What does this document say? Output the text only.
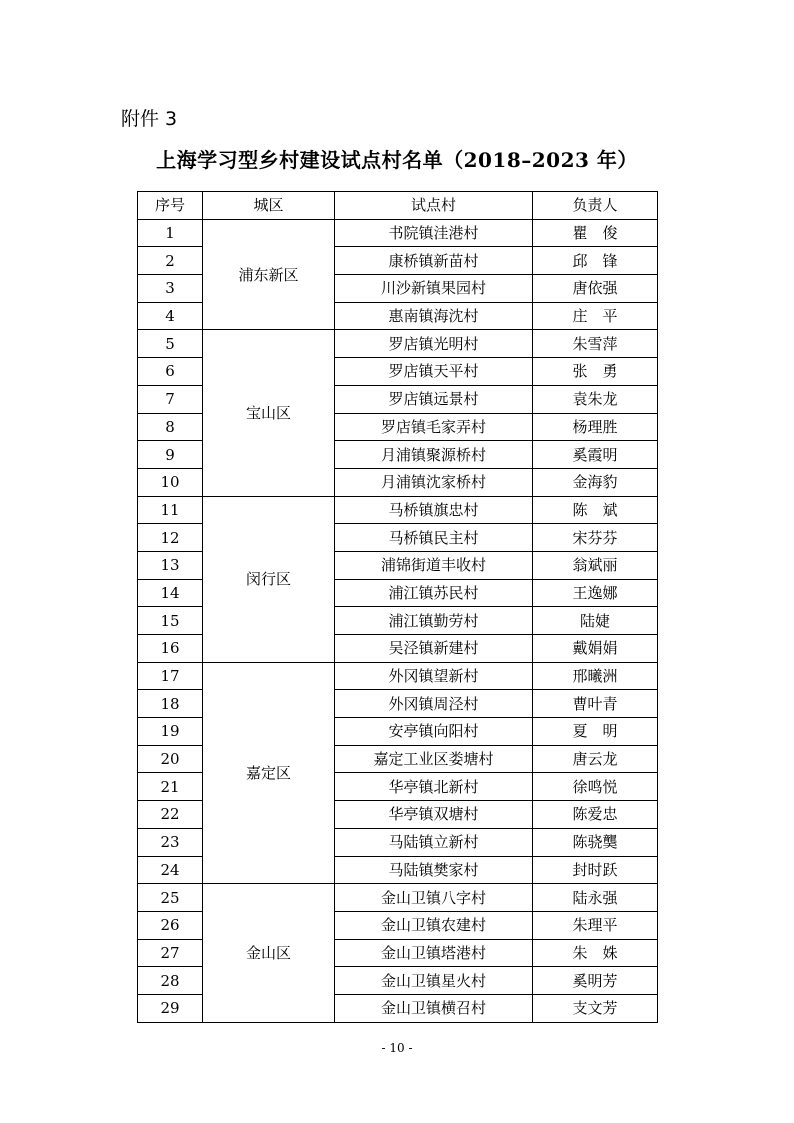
附件 3
上海学习型乡村建设试点村名单（2018–2023 年）
序号	城区	试点村	负责人
1	浦东新区	书院镇洼港村	瞿　俊
2		康桥镇新苗村	邱　锋
3		川沙新镇果园村	唐依强
4		惠南镇海沈村	庄　平
5	宝山区	罗店镇光明村	朱雪萍
6		罗店镇天平村	张　勇
7		罗店镇远景村	袁朱龙
8		罗店镇毛家弄村	杨理胜
9		月浦镇聚源桥村	奚霞明
10		月浦镇沈家桥村	金海豹
11	闵行区	马桥镇旗忠村	陈　斌
12		马桥镇民主村	宋芬芬
13		浦锦街道丰收村	翁斌丽
14		浦江镇苏民村	王逸娜
15		浦江镇勤劳村	陆婕
16		吴泾镇新建村	戴娟娟
17	嘉定区	外冈镇望新村	邢曦洲
18		外冈镇周泾村	曹叶青
19		安亭镇向阳村	夏　明
20		嘉定工业区娄塘村	唐云龙
21		华亭镇北新村	徐鸣悦
22		华亭镇双塘村	陈爱忠
23		马陆镇立新村	陈骁龑
24		马陆镇樊家村	封时跃
25	金山区	金山卫镇八字村	陆永强
26		金山卫镇农建村	朱理平
27		金山卫镇塔港村	朱　姝
28		金山卫镇星火村	奚明芳
29		金山卫镇横召村	支文芳
- 10 -
